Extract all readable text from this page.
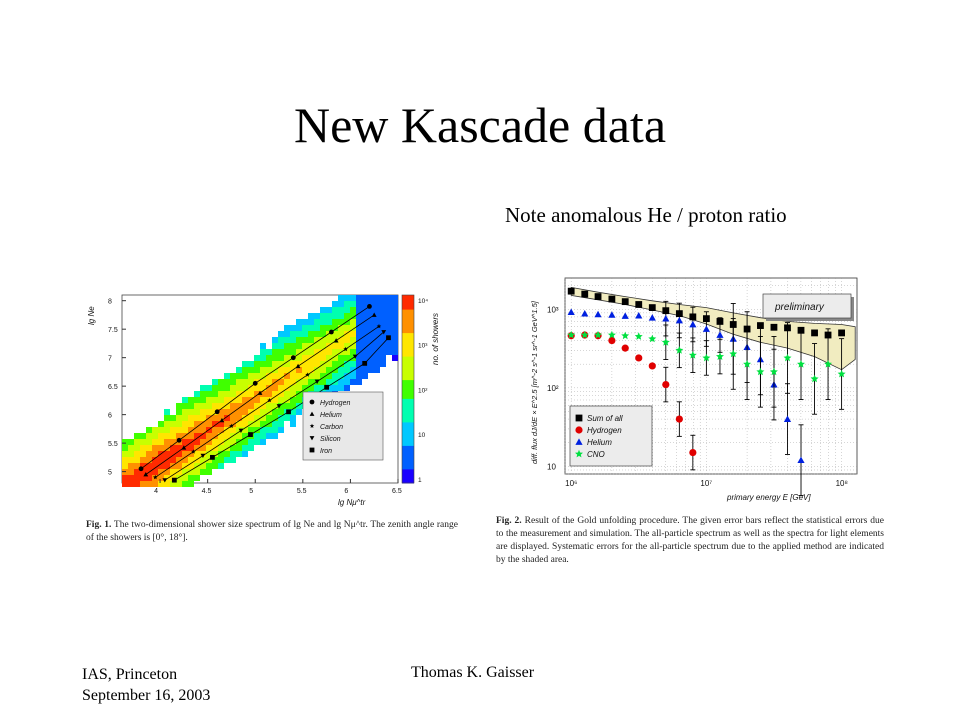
New Kascade data
Note anomalous He / proton ratio
4	4.5	5	5.5	6	6.5
5
5.5
6
6.5
7
7.5
8
lg Nμ^tr
lg Ne
Hydrogen
Helium
Carbon
Silicon
Iron
1
10
10²
10³
10⁴
no. of showers
Fig. 1. The two-dimensional shower size spectrum of lg Ne and lg Nμ^tr. The zenith angle range of the showers is [0°, 18°].
10⁶	10⁷	10⁸
10
10²
10³
primary energy E [GeV]
diff. flux dJ/dE × E^2.5 [m^-2 s^-1 sr^-1 GeV^1.5]	preliminary
Sum of all
Hydrogen
Helium
CNO
Fig. 2. Result of the Gold unfolding procedure. The given error bars reflect the statistical errors due to the measurement and simulation. The all-particle spectrum as well as the spectra for light elements are displayed. Systematic errors for the all-particle spectrum due to the applied method are indicated by the shaded area.
IAS, Princeton
September 16, 2003
Thomas K. Gaisser
